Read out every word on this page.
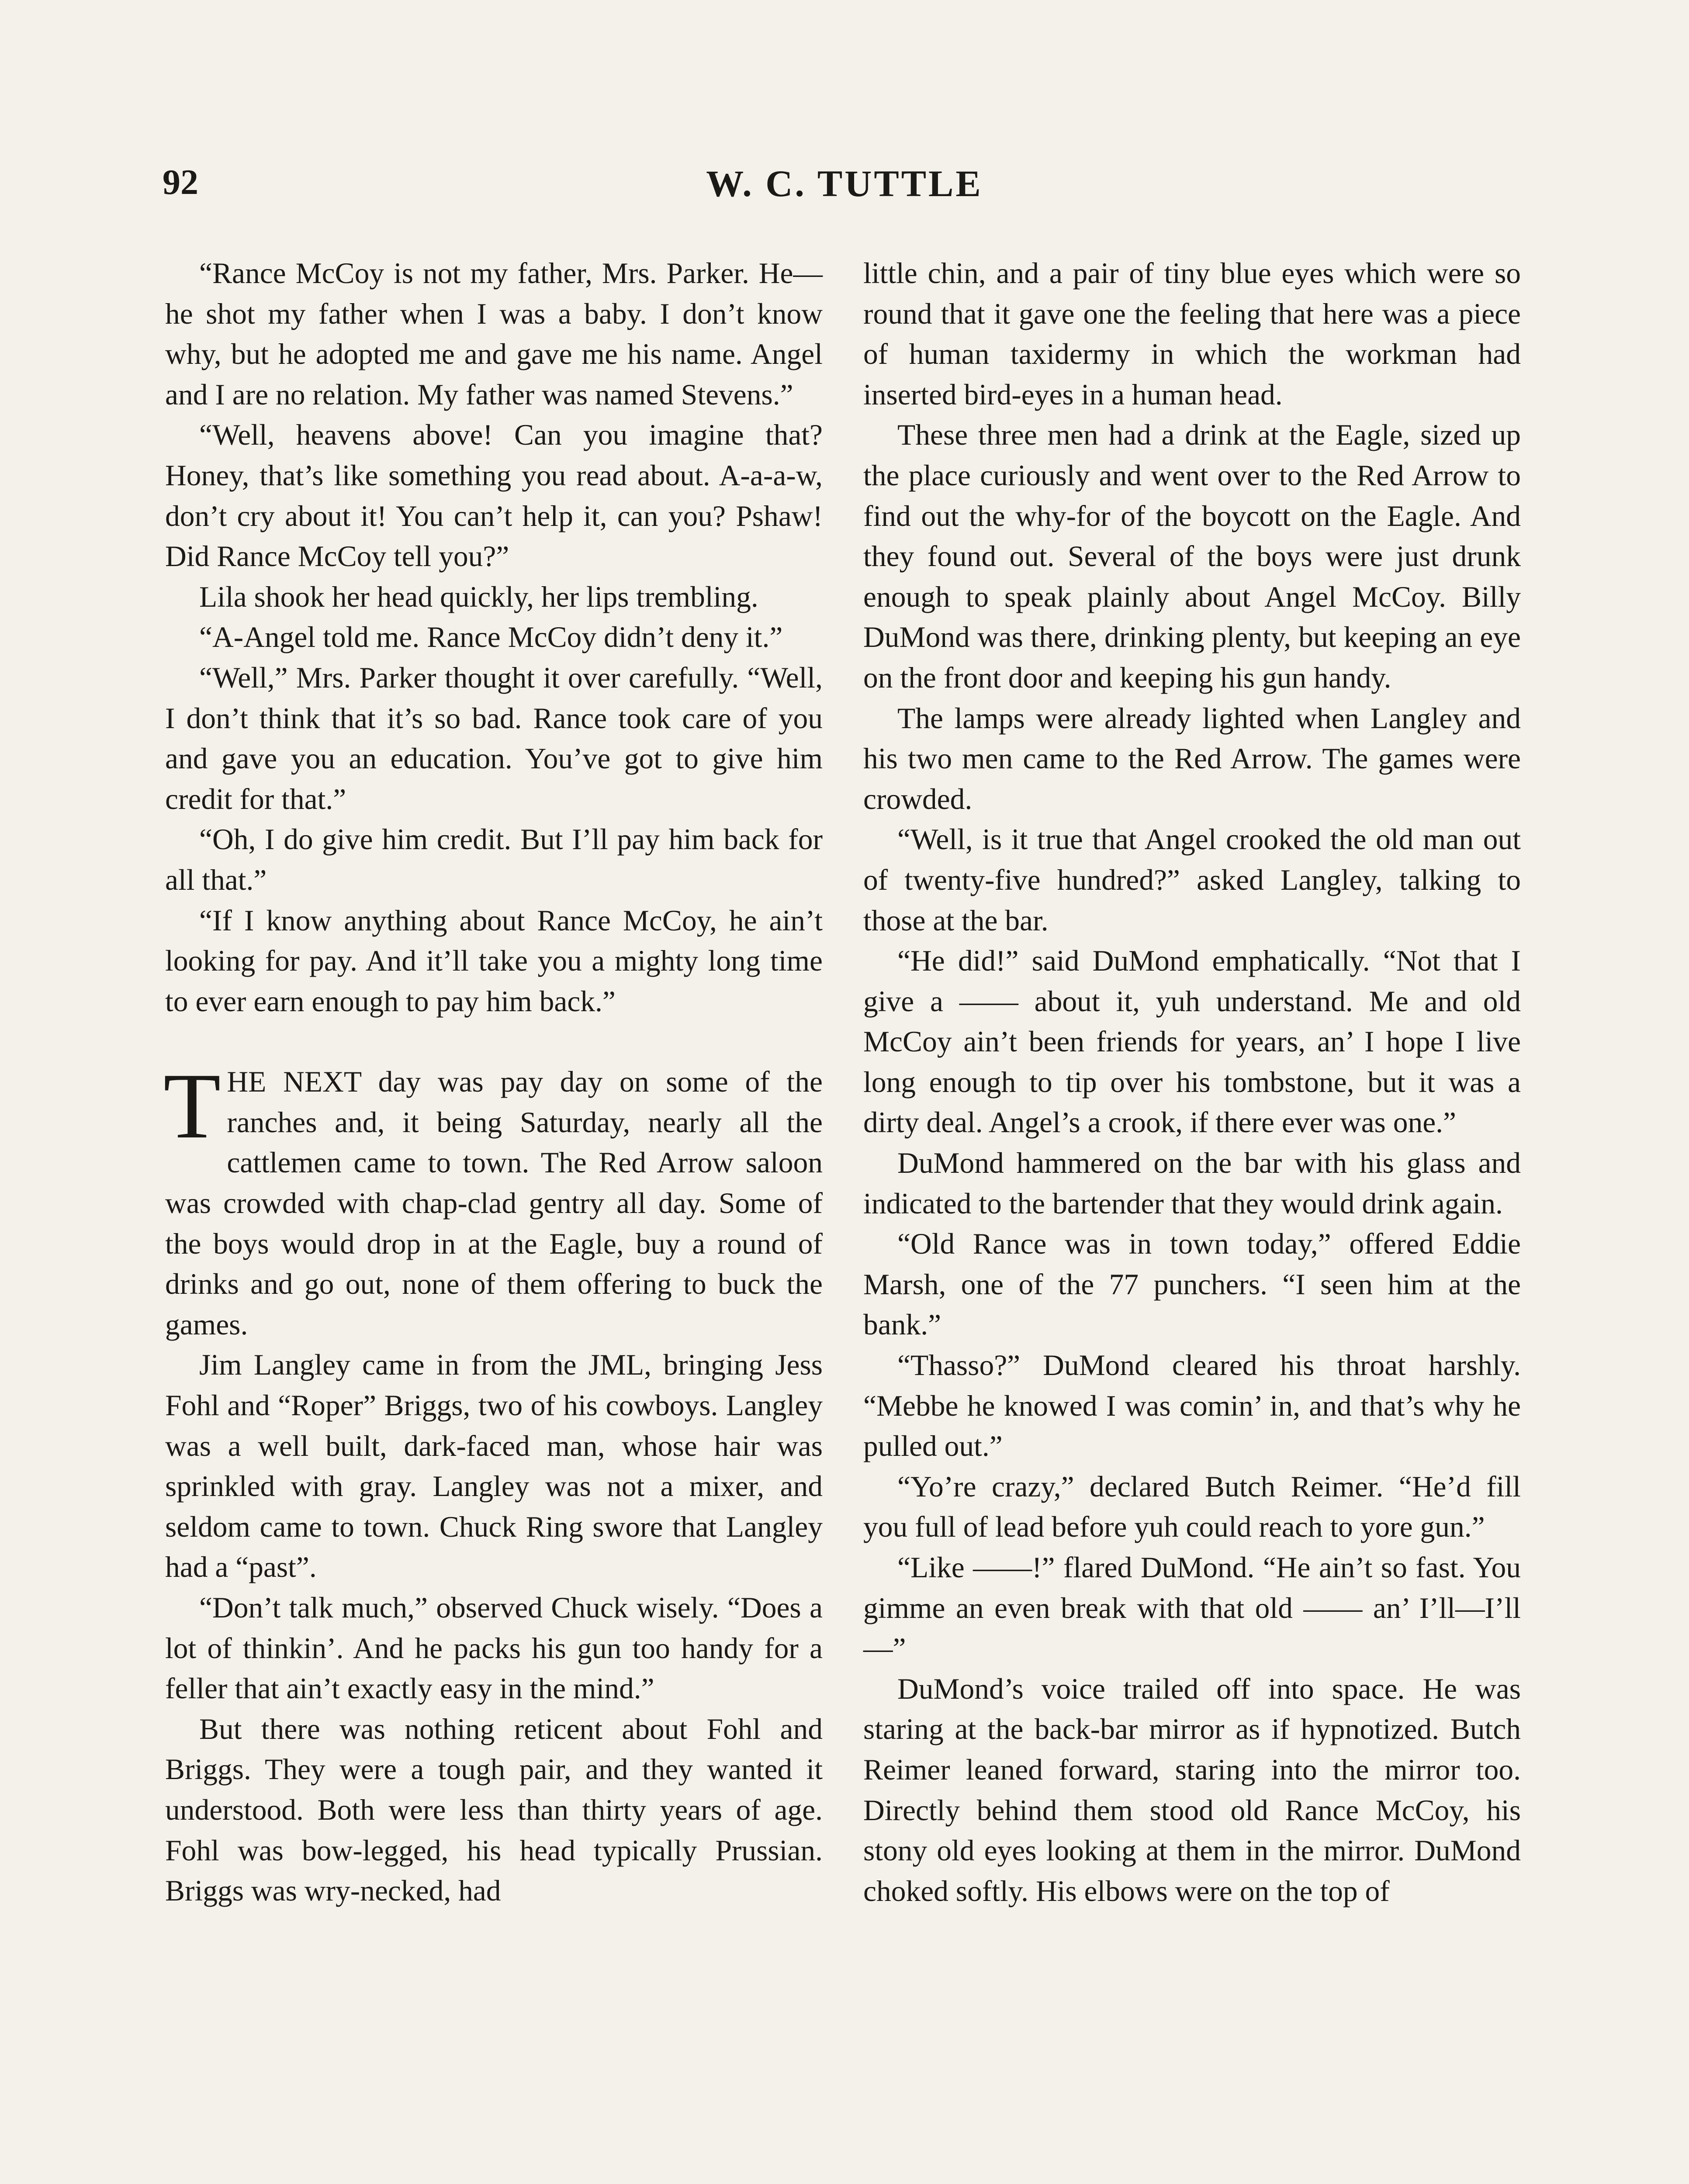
92	W. C. TUTTLE

“Rance McCoy is not my father, Mrs. Parker. He—he shot my father when I was a baby. I don’t know why, but he adopted me and gave me his name. Angel and I are no relation. My father was named Stevens.”

“Well, heavens above! Can you imagine that? Honey, that’s like something you read about. A-a-a-w, don’t cry about it! You can’t help it, can you? Pshaw! Did Rance McCoy tell you?”

Lila shook her head quickly, her lips trembling.

“A-Angel told me. Rance McCoy didn’t deny it.”

“Well,” Mrs. Parker thought it over carefully. “Well, I don’t think that it’s so bad. Rance took care of you and gave you an education. You’ve got to give him credit for that.”

“Oh, I do give him credit. But I’ll pay him back for all that.”

“If I know anything about Rance McCoy, he ain’t looking for pay. And it’ll take you a mighty long time to ever earn enough to pay him back.”

THE NEXT day was pay day on some of the ranches and, it being Saturday, nearly all the cattlemen came to town. The Red Arrow saloon was crowded with chap-clad gentry all day. Some of the boys would drop in at the Eagle, buy a round of drinks and go out, none of them offering to buck the games.

Jim Langley came in from the JML, bringing Jess Fohl and “Roper” Briggs, two of his cowboys. Langley was a well built, dark-faced man, whose hair was sprinkled with gray. Langley was not a mixer, and seldom came to town. Chuck Ring swore that Langley had a “past”.

“Don’t talk much,” observed Chuck wisely. “Does a lot of thinkin’. And he packs his gun too handy for a feller that ain’t exactly easy in the mind.”

But there was nothing reticent about Fohl and Briggs. They were a tough pair, and they wanted it understood. Both were less than thirty years of age. Fohl was bow-legged, his head typically Prussian. Briggs was wry-necked, had

little chin, and a pair of tiny blue eyes which were so round that it gave one the feeling that here was a piece of human taxidermy in which the workman had inserted bird-eyes in a human head.

These three men had a drink at the Eagle, sized up the place curiously and went over to the Red Arrow to find out the why-for of the boycott on the Eagle. And they found out. Several of the boys were just drunk enough to speak plainly about Angel McCoy. Billy DuMond was there, drinking plenty, but keeping an eye on the front door and keeping his gun handy.

The lamps were already lighted when Langley and his two men came to the Red Arrow. The games were crowded.

“Well, is it true that Angel crooked the old man out of twenty-five hundred?” asked Langley, talking to those at the bar.

“He did!” said DuMond emphatically. “Not that I give a —— about it, yuh understand. Me and old McCoy ain’t been friends for years, an’ I hope I live long enough to tip over his tombstone, but it was a dirty deal. Angel’s a crook, if there ever was one.”

DuMond hammered on the bar with his glass and indicated to the bartender that they would drink again.

“Old Rance was in town today,” offered Eddie Marsh, one of the 77 punchers. “I seen him at the bank.”

“Thasso?” DuMond cleared his throat harshly. “Mebbe he knowed I was comin’ in, and that’s why he pulled out.”

“Yo’re crazy,” declared Butch Reimer. “He’d fill you full of lead before yuh could reach to yore gun.”

“Like ——!” flared DuMond. “He ain’t so fast. You gimme an even break with that old —— an’ I’ll—I’ll—”

DuMond’s voice trailed off into space. He was staring at the back-bar mirror as if hypnotized. Butch Reimer leaned forward, staring into the mirror too. Directly behind them stood old Rance McCoy, his stony old eyes looking at them in the mirror. DuMond choked softly. His elbows were on the top of
